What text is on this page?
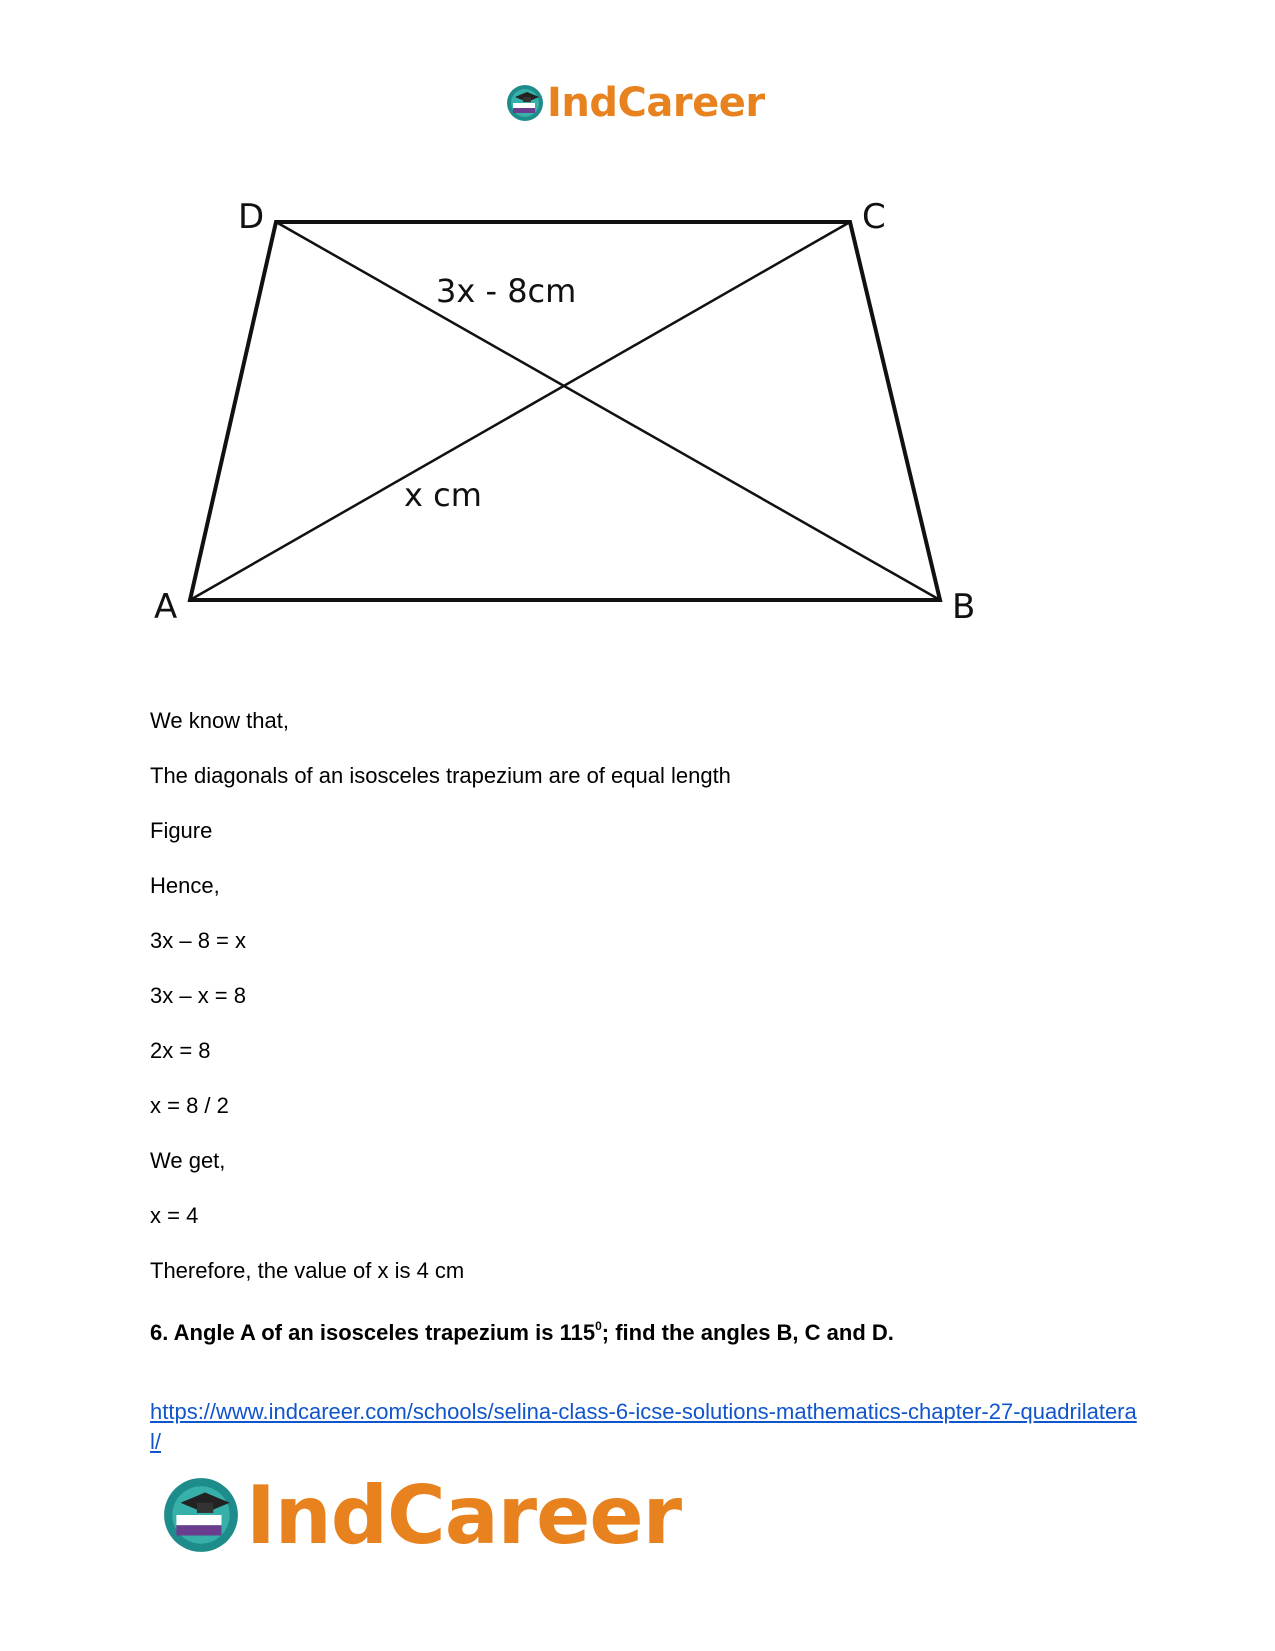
IndCareer
D	C
A	B
3x - 8cm
x cm
We know that,
The diagonals of an isosceles trapezium are of equal length
Figure
Hence,
3x – 8 = x
3x – x = 8
2x = 8
x = 8 / 2
We get,
x = 4
Therefore, the value of x is 4 cm
6. Angle A of an isosceles trapezium is $115^0$; find the angles B, C and D.
https://www.indcareer.com/schools/selina-class-6-icse-solutions-mathematics-chapter-27-quadrilateral/
IndCareer
